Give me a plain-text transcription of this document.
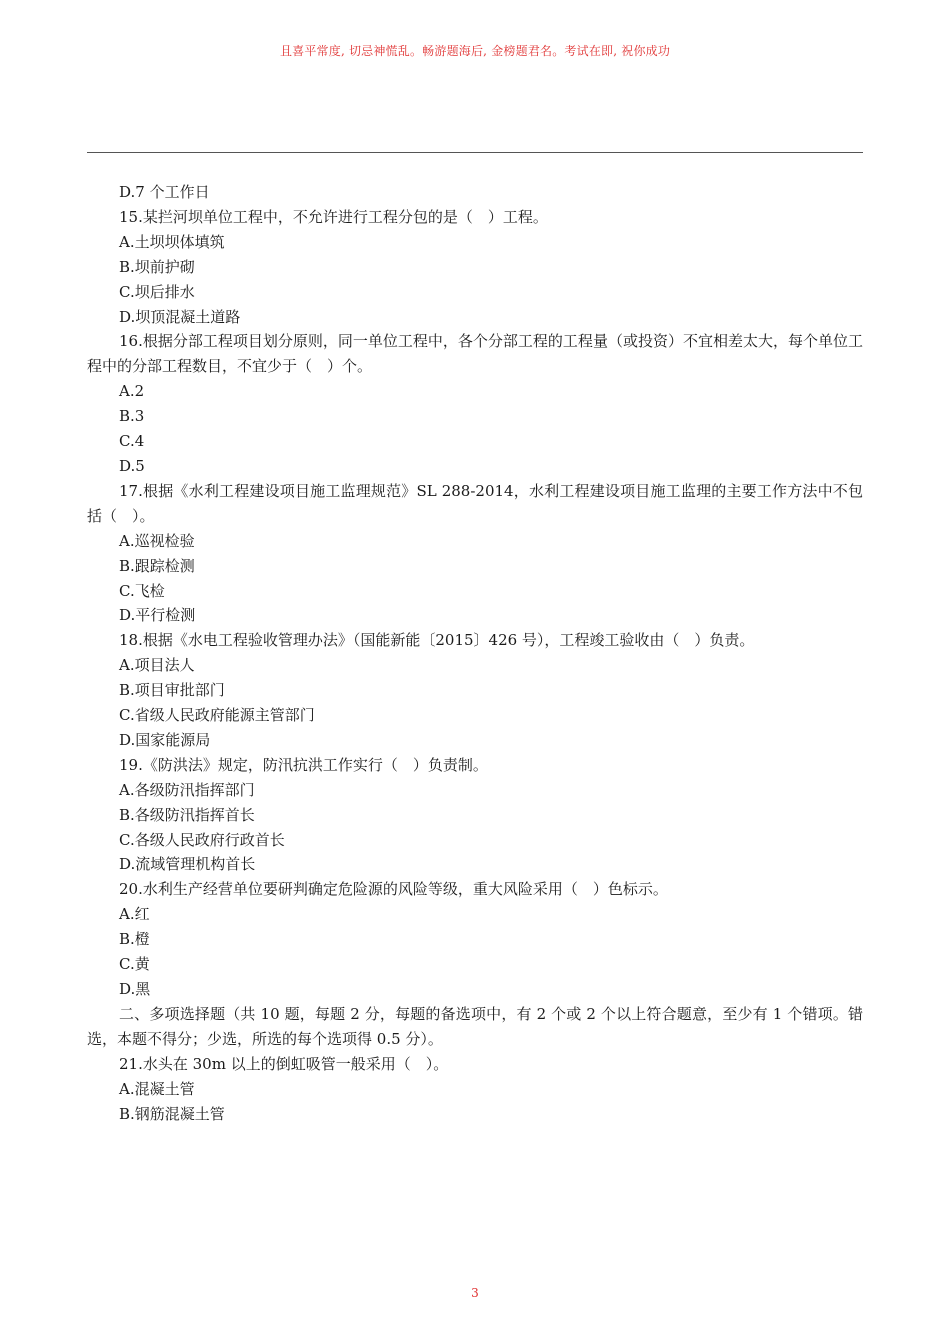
且喜平常度, 切忌神慌乱。畅游题海后, 金榜题君名。考试在即, 祝你成功
D.7 个工作日
15.某拦河坝单位工程中，不允许进行工程分包的是（　）工程。
A.土坝坝体填筑
B.坝前护砌
C.坝后排水
D.坝顶混凝土道路
16.根据分部工程项目划分原则，同一单位工程中，各个分部工程的工程量（或投资）不宜相差太大，每个单位工程中的分部工程数目，不宜少于（　）个。
A.2
B.3
C.4
D.5
17.根据《水利工程建设项目施工监理规范》SL 288-2014，水利工程建设项目施工监理的主要工作方法中不包括（　）。
A.巡视检验
B.跟踪检测
C.飞检
D.平行检测
18.根据《水电工程验收管理办法》（国能新能〔2015〕426 号），工程竣工验收由（　）负责。
A.项目法人
B.项目审批部门
C.省级人民政府能源主管部门
D.国家能源局
19.《防洪法》规定，防汛抗洪工作实行（　）负责制。
A.各级防汛指挥部门
B.各级防汛指挥首长
C.各级人民政府行政首长
D.流域管理机构首长
20.水利生产经营单位要研判确定危险源的风险等级，重大风险采用（　）色标示。
A.红
B.橙
C.黄
D.黑
二、多项选择题（共 10 题，每题 2 分，每题的备选项中，有 2 个或 2 个以上符合题意，至少有 1 个错项。错选，本题不得分；少选，所选的每个选项得 0.5 分）。
21.水头在 30m 以上的倒虹吸管一般采用（　）。
A.混凝土管
B.钢筋混凝土管
3
